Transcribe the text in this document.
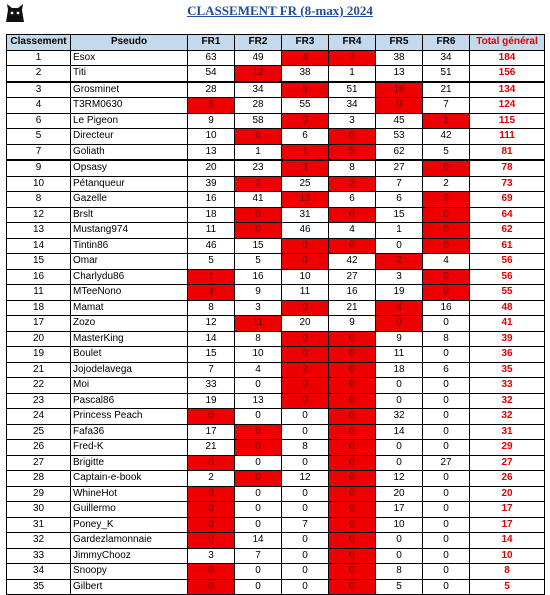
CLASSEMENT FR (8-max) 2024
Classement	Pseudo	FR1	FR2	FR3	FR4	FR5	FR6	Total général
1	Esox	63	49	4	7	38	34	184
2	Titi	54	12	38	1	13	51	156
3	Grosminet	28	34	5	51	16	21	134
4	T3RM0630	6	28	55	34	0	7	124
6	Le Pigeon	9	58	0	3	45	1	115
5	Directeur	10	6	6	0	53	42	111
7	Goliath	13	1	1	5	62	5	81
9	Opsasy	20	23	3	8	27	0	78
10	Pétanqueur	39	2	25	2	7	2	73
8	Gazelle	16	41	13	6	6	3	69
12	Brslt	18	0	31	0	15	0	64
13	Mustang974	11	0	46	4	1	0	62
14	Tintin86	46	15	0	0	0	0	61
15	Omar	5	5	0	42	2	4	56
16	Charlydu86	1	16	10	27	3	0	56
11	MTeeNono	4	9	11	16	19	9	55
18	Mamat	8	3	0	21	4	16	48
17	Zozo	12	11	20	9	0	0	41
20	MasterKing	14	8	0	0	9	8	39
19	Boulet	15	10	0	0	11	0	36
21	Jojodelavega	7	4	2	0	18	6	35
22	Moi	33	0	0	0	0	0	33
23	Pascal86	19	13	0	0	0	0	32
24	Princess Peach	0	0	0	0	32	0	32
25	Fafa36	17	0	0	0	14	0	31
26	Fred-K	21	0	8	0	0	0	29
27	Brigitte	0	0	0	0	0	27	27
28	Captain-e-book	2	0	12	0	12	0	26
29	WhineHot	0	0	0	0	20	0	20
30	Guillermo	0	0	0	0	17	0	17
31	Poney_K	0	0	7	0	10	0	17
32	Gardezlamonnaie	0	14	0	0	0	0	14
33	JimmyChooz	3	7	0	0	0	0	10
34	Snoopy	0	0	0	0	8	0	8
35	Gilbert	0	0	0	0	5	0	5
